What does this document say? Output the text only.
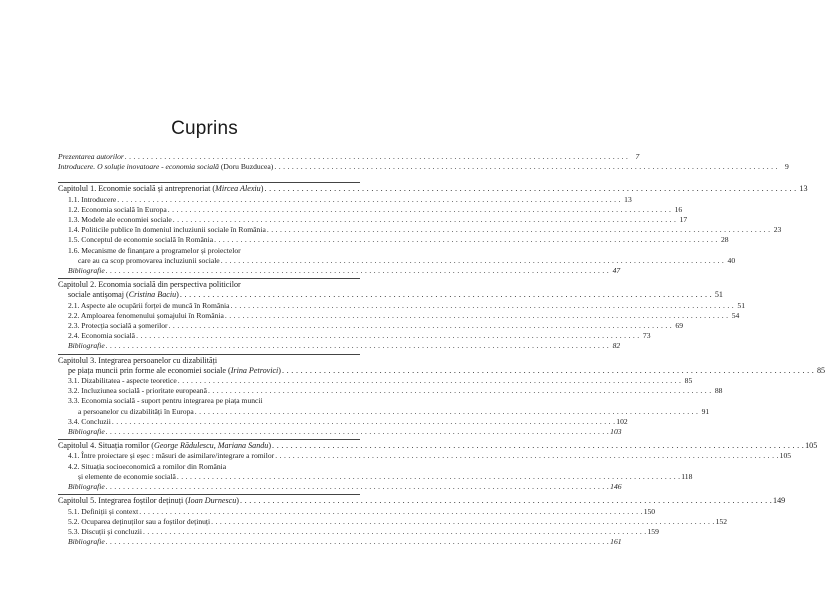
Cuprins
Prezentarea autorilor . . .	7
Introducere. O soluție inovatoare - economia socială (Doru Buzducea) . . .	9
Capitolul 1. Economie socială și antreprenoriat (Mircea Alexiu) . . .	13
1.1. Introducere . . .	13
1.2. Economia socială în Europa . . .	16
1.3. Modele ale economiei sociale . . .	17
1.4. Politicile publice în domeniul incluziunii sociale în România . . .	23
1.5. Conceptul de economie socială în România . . .	28
1.6. Mecanisme de finanțare a programelor și proiectelor
care au ca scop promovarea incluziunii sociale . . .	40
Bibliografie . . .	47
Capitolul 2. Economia socială din perspectiva politicilor
sociale antișomaj (Cristina Baciu) . . .	51
2.1. Aspecte ale ocupării forței de muncă în România . . .	51
2.2. Amploarea fenomenului șomajului în România . . .	54
2.3. Protecția socială a șomerilor . . .	69
2.4. Economia socială . . .	73
Bibliografie . . .	82
Capitolul 3. Integrarea persoanelor cu dizabilități
pe piața muncii prin forme ale economiei sociale (Irina Petrovici) . . .	85
3.1. Dizabilitatea - aspecte teoretice . . .	85
3.2. Incluziunea socială - prioritate europeană . . .	88
3.3. Economia socială - suport pentru integrarea pe piața muncii
a persoanelor cu dizabilități în Europa . . .	91
3.4. Concluzii . . .	102
Bibliografie . . .	103
Capitolul 4. Situația romilor (George Rădulescu, Mariana Sandu) . . .	105
4.1. Între proiectare și eșec : măsuri de asimilare/integrare a romilor . . .	105
4.2. Situația socioeconomică a romilor din România
și elemente de economie socială . . .	118
Bibliografie . . .	146
Capitolul 5. Integrarea foștilor deținuți (Ioan Durnescu) . . .	149
5.1. Definiții și context . . .	150
5.2. Ocuparea deținuților sau a foștilor deținuți . . .	152
5.3. Discuții și concluzii . . .	159
Bibliografie . . .	161
